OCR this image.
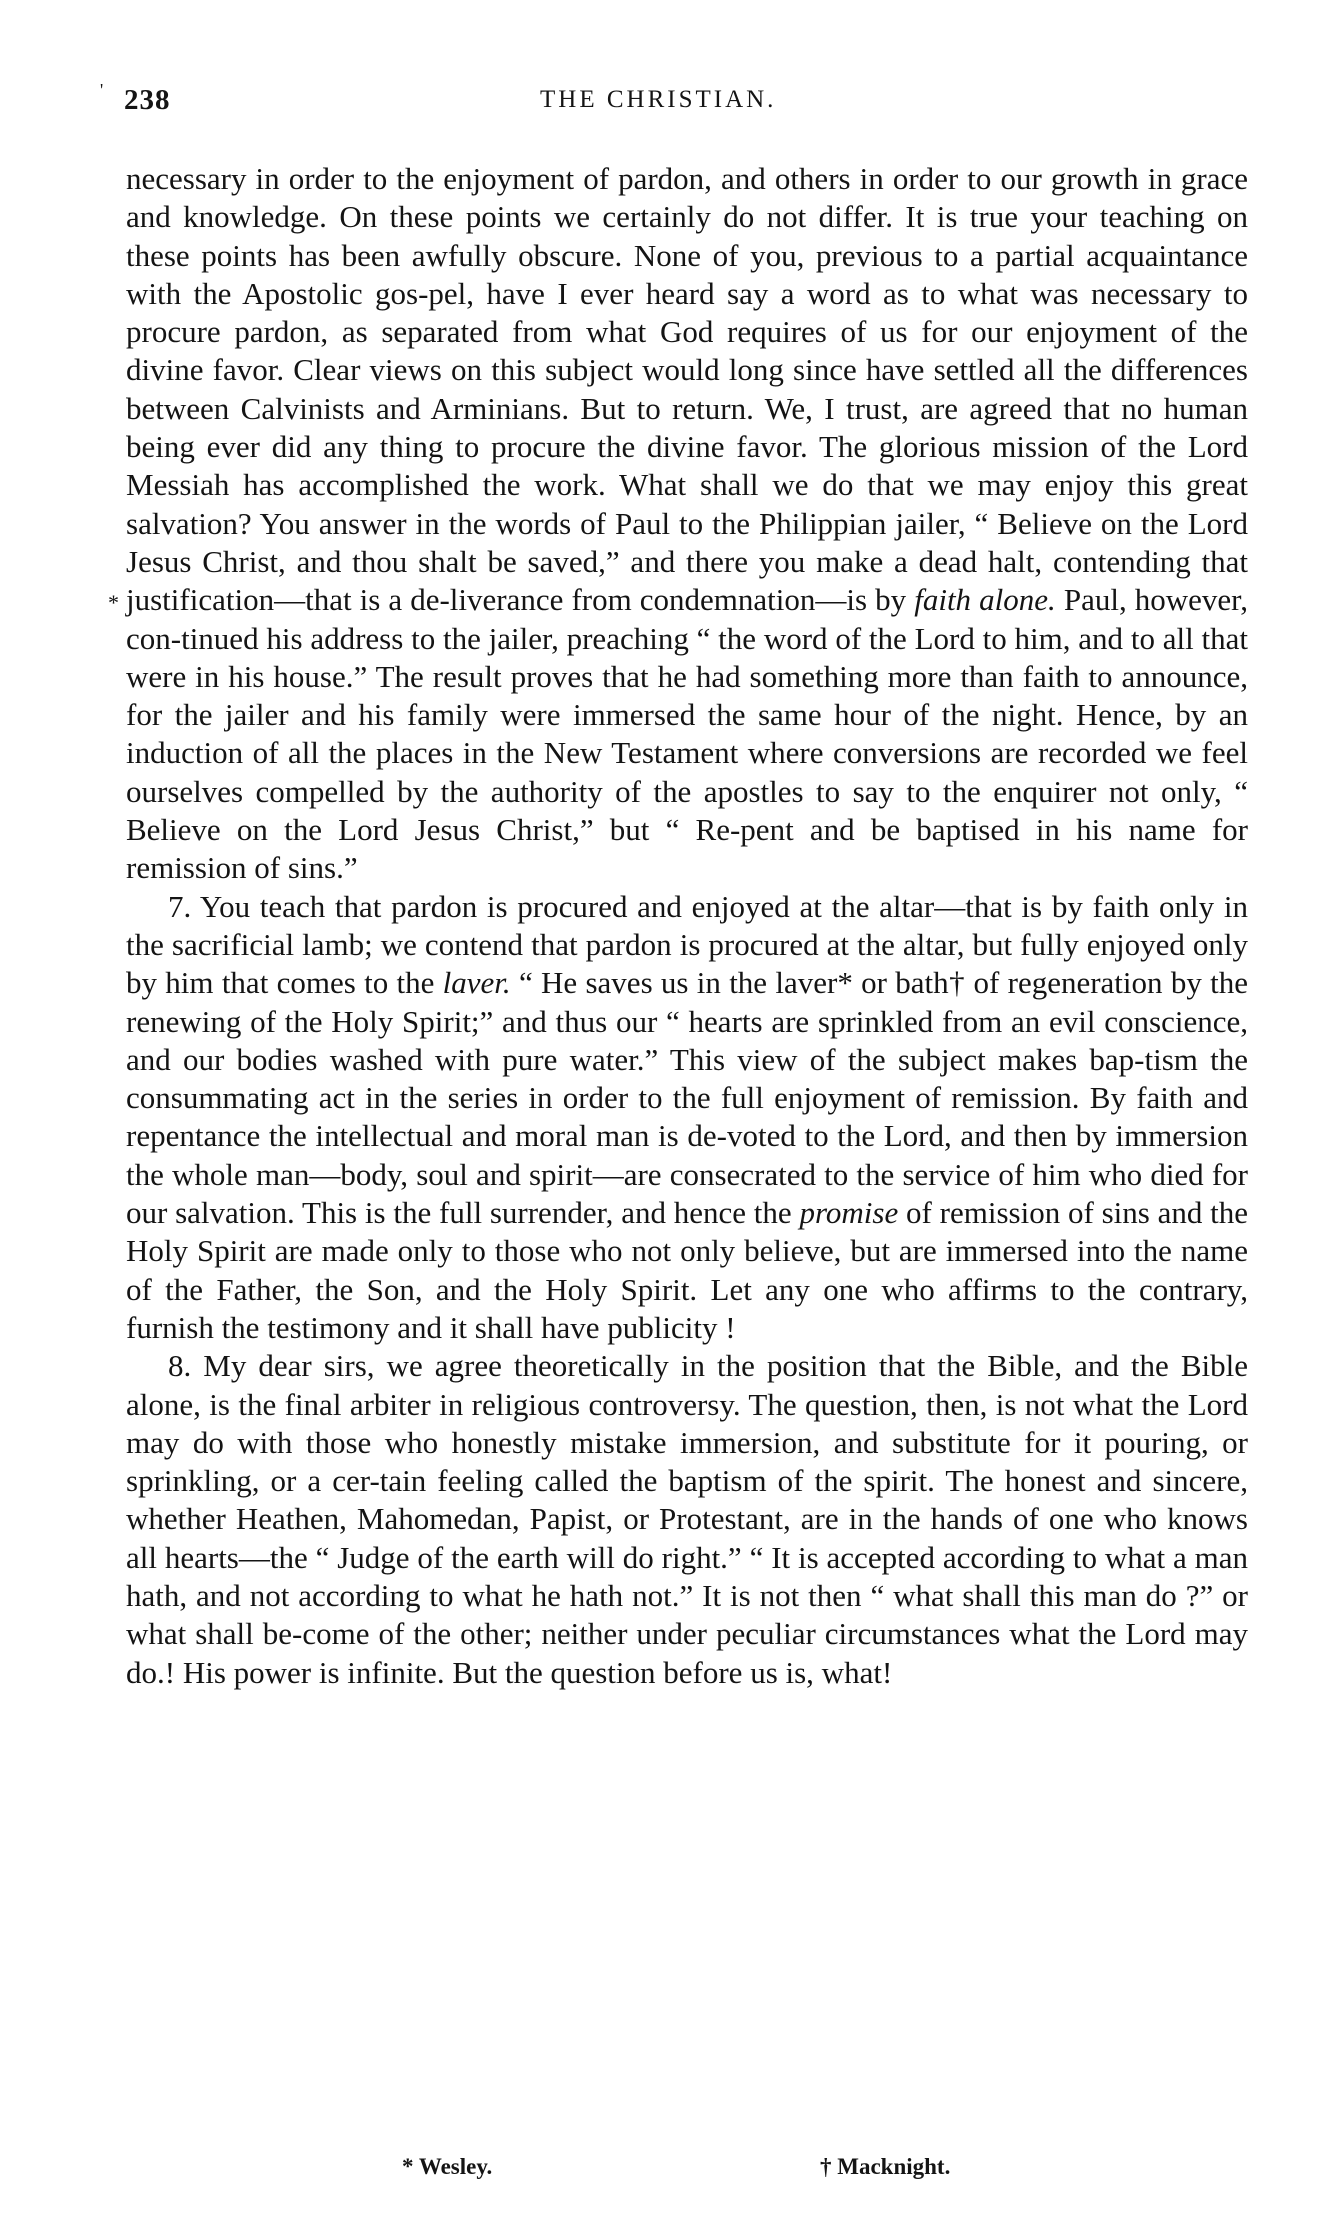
' 238	THE CHRISTIAN.
*

necessary in order to the enjoyment of pardon, and others in order to our growth in grace and knowledge. On these points we certainly do not differ. It is true your teaching on these points has been awfully obscure. None of you, previous to a partial acquaintance with the Apostolic gos-pel, have I ever heard say a word as to what was necessary to procure pardon, as separated from what God requires of us for our enjoyment of the divine favor. Clear views on this subject would long since have settled all the differences between Calvinists and Arminians. But to return. We, I trust, are agreed that no human being ever did any thing to procure the divine favor. The glorious mission of the Lord Messiah has accomplished the work. What shall we do that we may enjoy this great salvation? You answer in the words of Paul to the Philippian jailer, “ Believe on the Lord Jesus Christ, and thou shalt be saved,” and there you make a dead halt, contending that justification—that is a de-liverance from condemnation—is by faith alone. Paul, however, con-tinued his address to the jailer, preaching “ the word of the Lord to him, and to all that were in his house.” The result proves that he had something more than faith to announce, for the jailer and his family were immersed the same hour of the night. Hence, by an induction of all the places in the New Testament where conversions are recorded we feel ourselves compelled by the authority of the apostles to say to the enquirer not only, “ Believe on the Lord Jesus Christ,” but “ Re-pent and be baptised in his name for remission of sins.”

7. You teach that pardon is procured and enjoyed at the altar—that is by faith only in the sacrificial lamb; we contend that pardon is procured at the altar, but fully enjoyed only by him that comes to the laver. “ He saves us in the laver* or bath† of regeneration by the renewing of the Holy Spirit;” and thus our “ hearts are sprinkled from an evil conscience, and our bodies washed with pure water.” This view of the subject makes bap-tism the consummating act in the series in order to the full enjoyment of remission. By faith and repentance the intellectual and moral man is de-voted to the Lord, and then by immersion the whole man—body, soul and spirit—are consecrated to the service of him who died for our salvation. This is the full surrender, and hence the promise of remission of sins and the Holy Spirit are made only to those who not only believe, but are immersed into the name of the Father, the Son, and the Holy Spirit. Let any one who affirms to the contrary, furnish the testimony and it shall have publicity !

8. My dear sirs, we agree theoretically in the position that the Bible, and the Bible alone, is the final arbiter in religious controversy. The question, then, is not what the Lord may do with those who honestly mistake immersion, and substitute for it pouring, or sprinkling, or a cer-tain feeling called the baptism of the spirit. The honest and sincere, whether Heathen, Mahomedan, Papist, or Protestant, are in the hands of one who knows all hearts—the “ Judge of the earth will do right.” “ It is accepted according to what a man hath, and not according to what he hath not.” It is not then “ what shall this man do ?” or what shall be-come of the other; neither under peculiar circumstances what the Lord may do.! His power is infinite. But the question before us is, what!

* Wesley.	† Macknight.
